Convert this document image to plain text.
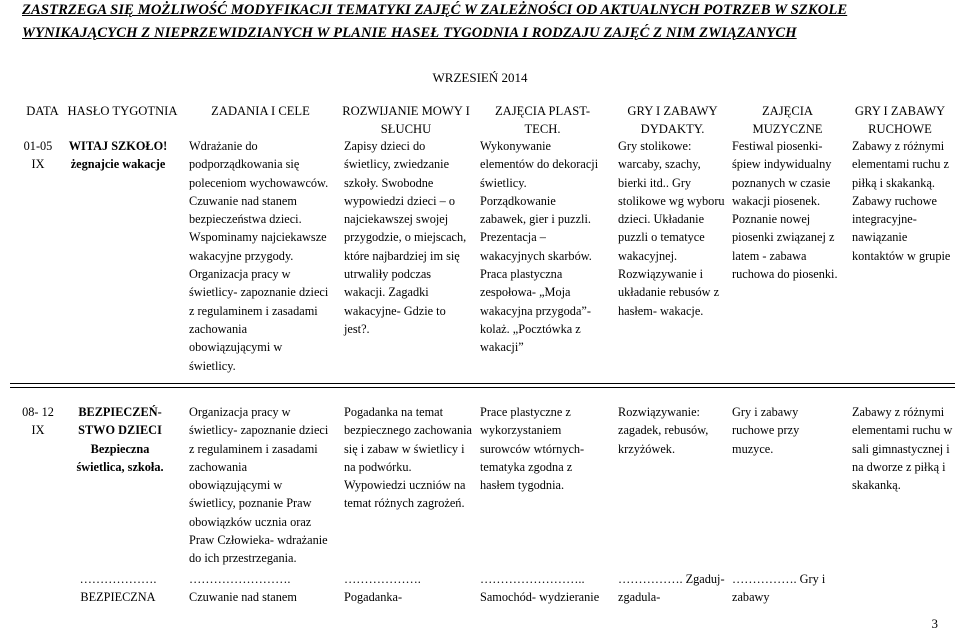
ZASTRZEGA SIĘ MOŻLIWOŚĆ MODYFIKACJI TEMATYKI ZAJĘĆ W ZALEŻNOŚCI OD AKTUALNYCH POTRZEB W SZKOLE
WYNIKAJĄCYCH Z NIEPRZEWIDZIANYCH W PLANIE HASEŁ TYGODNIA I RODZAJU ZAJĘĆ Z NIM ZWIĄZANYCH
WRZESIEŃ 2014
DATA HASŁO TYGOTNIA	ZADANIA I CELE	ROZWIJANIE MOWY I SŁUCHU
ZAJĘCIA PLAST-TECH.
GRY I ZABAWY DYDAKTY.
ZAJĘCIA MUZYCZNE
GRY I ZABAWY RUCHOWE
01-05 IX
WITAJ SZKOŁO! żegnajcie wakacje
Wdrażanie do podporządkowania się poleceniom wychowawców. Czuwanie nad stanem bezpieczeństwa dzieci. Wspominamy najciekawsze wakacyjne przygody. Organizacja pracy w świetlicy- zapoznanie dzieci z regulaminem i zasadami zachowania obowiązującymi w świetlicy.
Zapisy dzieci do świetlicy, zwiedzanie szkoły. Swobodne wypowiedzi dzieci – o najciekawszej swojej przygodzie, o miejscach, które najbardziej im się utrwaliły podczas wakacji. Zagadki wakacyjne- Gdzie to jest?.
Wykonywanie elementów do dekoracji świetlicy. Porządkowanie zabawek, gier i puzzli. Prezentacja – wakacyjnych skarbów. Praca plastyczna zespołowa- „Moja wakacyjna przygoda”- kolaż. „Pocztówka z wakacji”
Gry stolikowe: warcaby, szachy, bierki itd.. Gry stolikowe wg wyboru dzieci. Układanie puzzli o tematyce wakacyjnej. Rozwiązywanie i układanie rebusów z hasłem- wakacje.
Festiwal piosenki- śpiew indywidualny poznanych w czasie wakacji piosenek. Poznanie nowej piosenki związanej z latem - zabawa ruchowa do piosenki.
Zabawy z różnymi elementami ruchu z piłką i skakanką. Zabawy ruchowe integracyjne- nawiązanie kontaktów w grupie
08- 12 IX
BEZPIECZEŃ-STWO DZIECI Bezpieczna świetlica, szkoła.
Organizacja pracy w świetlicy- zapoznanie dzieci z regulaminem i zasadami zachowania obowiązującymi w świetlicy, poznanie Praw obowiązków ucznia oraz Praw Człowieka- wdrażanie do ich przestrzegania.
Pogadanka na temat bezpiecznego zachowania się i zabaw w świetlicy i na podwórku. Wypowiedzi uczniów na temat różnych zagrożeń.
Prace plastyczne z wykorzystaniem surowców wtórnych- tematyka zgodna z hasłem tygodnia.
Rozwiązywanie: zagadek, rebusów, krzyżówek.
Gry i zabawy ruchowe przy muzyce.
Zabawy z różnymi elementami ruchu w sali gimnastycznej i na dworze z piłką i skakanką.
………………. BEZPIECZNA
……………………. Czuwanie nad stanem
………………. Pogadanka-
…………………….. Samochód- wydzieranie
……………. Zgaduj-zgadula-
……………. Gry i zabawy
3
